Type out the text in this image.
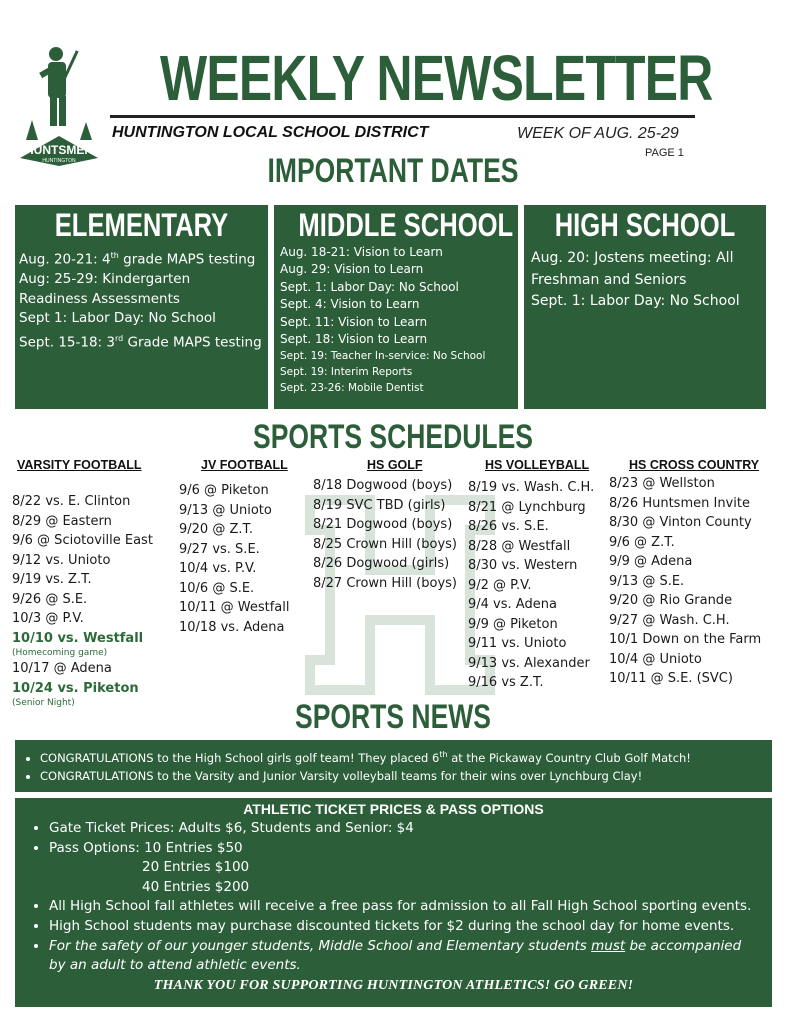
HUNTSMEN
HUNTINGTON
WEEKLY NEWSLETTER
HUNTINGTON LOCAL SCHOOL DISTRICT	WEEK OF AUG. 25-29
PAGE 1
IMPORTANT DATES
ELEMENTARY
Aug. 20-21: 4th grade MAPS testing
Aug: 25-29: Kindergarten Readiness Assessments
Sept 1: Labor Day: No School
Sept. 15-18: 3rd Grade MAPS testing
MIDDLE SCHOOL
Aug. 18-21: Vision to Learn
Aug. 29: Vision to Learn
Sept. 1: Labor Day: No School
Sept. 4: Vision to Learn
Sept. 11: Vision to Learn
Sept. 18: Vision to Learn
Sept. 19: Teacher In-service: No School
Sept. 19: Interim Reports
Sept. 23-26: Mobile Dentist
HIGH SCHOOL
Aug. 20: Jostens meeting: All Freshman and Seniors
Sept. 1: Labor Day: No School
SPORTS SCHEDULES
VARSITY FOOTBALL
8/22 vs. E. Clinton
8/29 @ Eastern
9/6 @ Sciotoville East
9/12 vs. Unioto
9/19 vs. Z.T.
9/26 @ S.E.
10/3 @ P.V.
10/10 vs. Westfall
(Homecoming game)
10/17 @ Adena
10/24 vs. Piketon
(Senior Night)
JV FOOTBALL
9/6 @ Piketon
9/13 @ Unioto
9/20 @ Z.T.
9/27 vs. S.E.
10/4 vs. P.V.
10/6 @ S.E.
10/11 @ Westfall
10/18 vs. Adena
HS GOLF
8/18 Dogwood (boys)
8/19 SVC TBD (girls)
8/21 Dogwood (boys)
8/25 Crown Hill (boys)
8/26 Dogwood (girls)
8/27 Crown Hill (boys)
HS VOLLEYBALL
8/19 vs. Wash. C.H.
8/21 @ Lynchburg
8/26 vs. S.E.
8/28 @ Westfall
8/30 vs. Western
9/2 @ P.V.
9/4 vs. Adena
9/9 @ Piketon
9/11 vs. Unioto
9/13 vs. Alexander
9/16 vs Z.T.
HS CROSS COUNTRY
8/23 @ Wellston
8/26 Huntsmen Invite
8/30 @ Vinton County
9/6 @ Z.T.
9/9 @ Adena
9/13 @ S.E.
9/20 @ Rio Grande
9/27 @ Wash. C.H.
10/1 Down on the Farm
10/4 @ Unioto
10/11 @ S.E. (SVC)
SPORTS NEWS
• CONGRATULATIONS to the High School girls golf team! They placed 6th at the Pickaway Country Club Golf Match!
• CONGRATULATIONS to the Varsity and Junior Varsity volleyball teams for their wins over Lynchburg Clay!
ATHLETIC TICKET PRICES & PASS OPTIONS
• Gate Ticket Prices: Adults $6, Students and Senior: $4
• Pass Options: 10 Entries $50
20 Entries $100
40 Entries $200
• All High School fall athletes will receive a free pass for admission to all Fall High School sporting events.
• High School students may purchase discounted tickets for $2 during the school day for home events.
• For the safety of our younger students, Middle School and Elementary students must be accompanied by an adult to attend athletic events.
THANK YOU FOR SUPPORTING HUNTINGTON ATHLETICS! GO GREEN!
